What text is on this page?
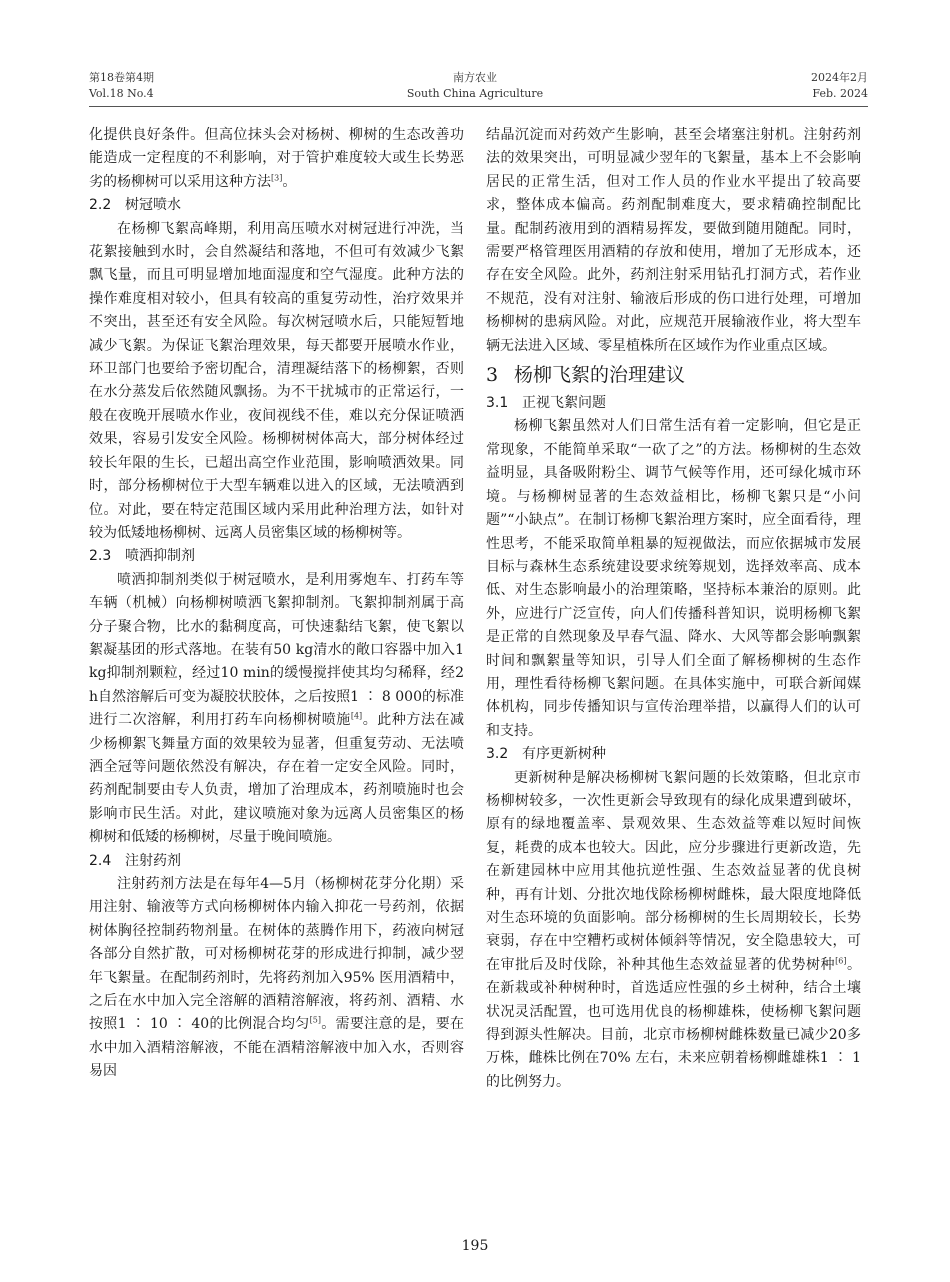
第18卷第4期
Vol.18 No.4
南方农业
South China Agriculture
2024年2月
Feb. 2024

化提供良好条件。但高位抹头会对杨树、柳树的生态改善功能造成一定程度的不利影响，对于管护难度较大或生长势恶劣的杨柳树可以采用这种方法[3]。

2.2 树冠喷水

在杨柳飞絮高峰期，利用高压喷水对树冠进行冲洗，当花絮接触到水时，会自然凝结和落地，不但可有效减少飞絮飘飞量，而且可明显增加地面湿度和空气湿度。此种方法的操作难度相对较小，但具有较高的重复劳动性，治疗效果并不突出，甚至还有安全风险。每次树冠喷水后，只能短暂地减少飞絮。为保证飞絮治理效果，每天都要开展喷水作业，环卫部门也要给予密切配合，清理凝结落下的杨柳絮，否则在水分蒸发后依然随风飘扬。为不干扰城市的正常运行，一般在夜晚开展喷水作业，夜间视线不佳，难以充分保证喷洒效果，容易引发安全风险。杨柳树树体高大，部分树体经过较长年限的生长，已超出高空作业范围，影响喷洒效果。同时，部分杨柳树位于大型车辆难以进入的区域，无法喷洒到位。对此，要在特定范围区域内采用此种治理方法，如针对较为低矮地杨柳树、远离人员密集区域的杨柳树等。

2.3 喷洒抑制剂

喷洒抑制剂类似于树冠喷水，是利用雾炮车、打药车等车辆（机械）向杨柳树喷洒飞絮抑制剂。飞絮抑制剂属于高分子聚合物，比水的黏稠度高，可快速黏结飞絮，使飞絮以絮凝基团的形式落地。在装有50 kg清水的敞口容器中加入1 kg抑制剂颗粒，经过10 min的缓慢搅拌使其均匀稀释，经2 h自然溶解后可变为凝胶状胶体，之后按照1 ∶ 8 000的标准进行二次溶解，利用打药车向杨柳树喷施[4]。此种方法在减少杨柳絮飞舞量方面的效果较为显著，但重复劳动、无法喷洒全冠等问题依然没有解决，存在着一定安全风险。同时，药剂配制要由专人负责，增加了治理成本，药剂喷施时也会影响市民生活。对此，建议喷施对象为远离人员密集区的杨柳树和低矮的杨柳树，尽量于晚间喷施。

2.4 注射药剂

注射药剂方法是在每年4—5月（杨柳树花芽分化期）采用注射、输液等方式向杨柳树体内输入抑花一号药剂，依据树体胸径控制药物剂量。在树体的蒸腾作用下，药液向树冠各部分自然扩散，可对杨柳树花芽的形成进行抑制，减少翌年飞絮量。在配制药剂时，先将药剂加入95% 医用酒精中，之后在水中加入完全溶解的酒精溶解液，将药剂、酒精、水按照1 ∶ 10 ∶ 40的比例混合均匀[5]。需要注意的是，要在水中加入酒精溶解液，不能在酒精溶解液中加入水，否则容易因

结晶沉淀而对药效产生影响，甚至会堵塞注射机。注射药剂法的效果突出，可明显减少翌年的飞絮量，基本上不会影响居民的正常生活，但对工作人员的作业水平提出了较高要求，整体成本偏高。药剂配制难度大，要求精确控制配比量。配制药液用到的酒精易挥发，要做到随用随配。同时，需要严格管理医用酒精的存放和使用，增加了无形成本，还存在安全风险。此外，药剂注射采用钻孔打洞方式，若作业不规范，没有对注射、输液后形成的伤口进行处理，可增加杨柳树的患病风险。对此，应规范开展输液作业，将大型车辆无法进入区域、零星植株所在区域作为作业重点区域。

3 杨柳飞絮的治理建议
3.1 正视飞絮问题

杨柳飞絮虽然对人们日常生活有着一定影响，但它是正常现象，不能简单采取“一砍了之”的方法。杨柳树的生态效益明显，具备吸附粉尘、调节气候等作用，还可绿化城市环境。与杨柳树显著的生态效益相比，杨柳飞絮只是“小问题”“小缺点”。在制订杨柳飞絮治理方案时，应全面看待，理性思考，不能采取简单粗暴的短视做法，而应依据城市发展目标与森林生态系统建设要求统筹规划，选择效率高、成本低、对生态影响最小的治理策略，坚持标本兼治的原则。此外，应进行广泛宣传，向人们传播科普知识，说明杨柳飞絮是正常的自然现象及早春气温、降水、大风等都会影响飘絮时间和飘絮量等知识，引导人们全面了解杨柳树的生态作用，理性看待杨柳飞絮问题。在具体实施中，可联合新闻媒体机构，同步传播知识与宣传治理举措，以赢得人们的认可和支持。

3.2 有序更新树种

更新树种是解决杨柳树飞絮问题的长效策略，但北京市杨柳树较多，一次性更新会导致现有的绿化成果遭到破坏，原有的绿地覆盖率、景观效果、生态效益等难以短时间恢复，耗费的成本也较大。因此，应分步骤进行更新改造，先在新建园林中应用其他抗逆性强、生态效益显著的优良树种，再有计划、分批次地伐除杨柳树雌株，最大限度地降低对生态环境的负面影响。部分杨柳树的生长周期较长，长势衰弱，存在中空糟朽或树体倾斜等情况，安全隐患较大，可在审批后及时伐除，补种其他生态效益显著的优势树种[6]。在新栽或补种树种时，首选适应性强的乡土树种，结合土壤状况灵活配置，也可选用优良的杨柳雄株，使杨柳飞絮问题得到源头性解决。目前，北京市杨柳树雌株数量已减少20多万株，雌株比例在70% 左右，未来应朝着杨柳雌雄株1 ∶ 1的比例努力。

195
